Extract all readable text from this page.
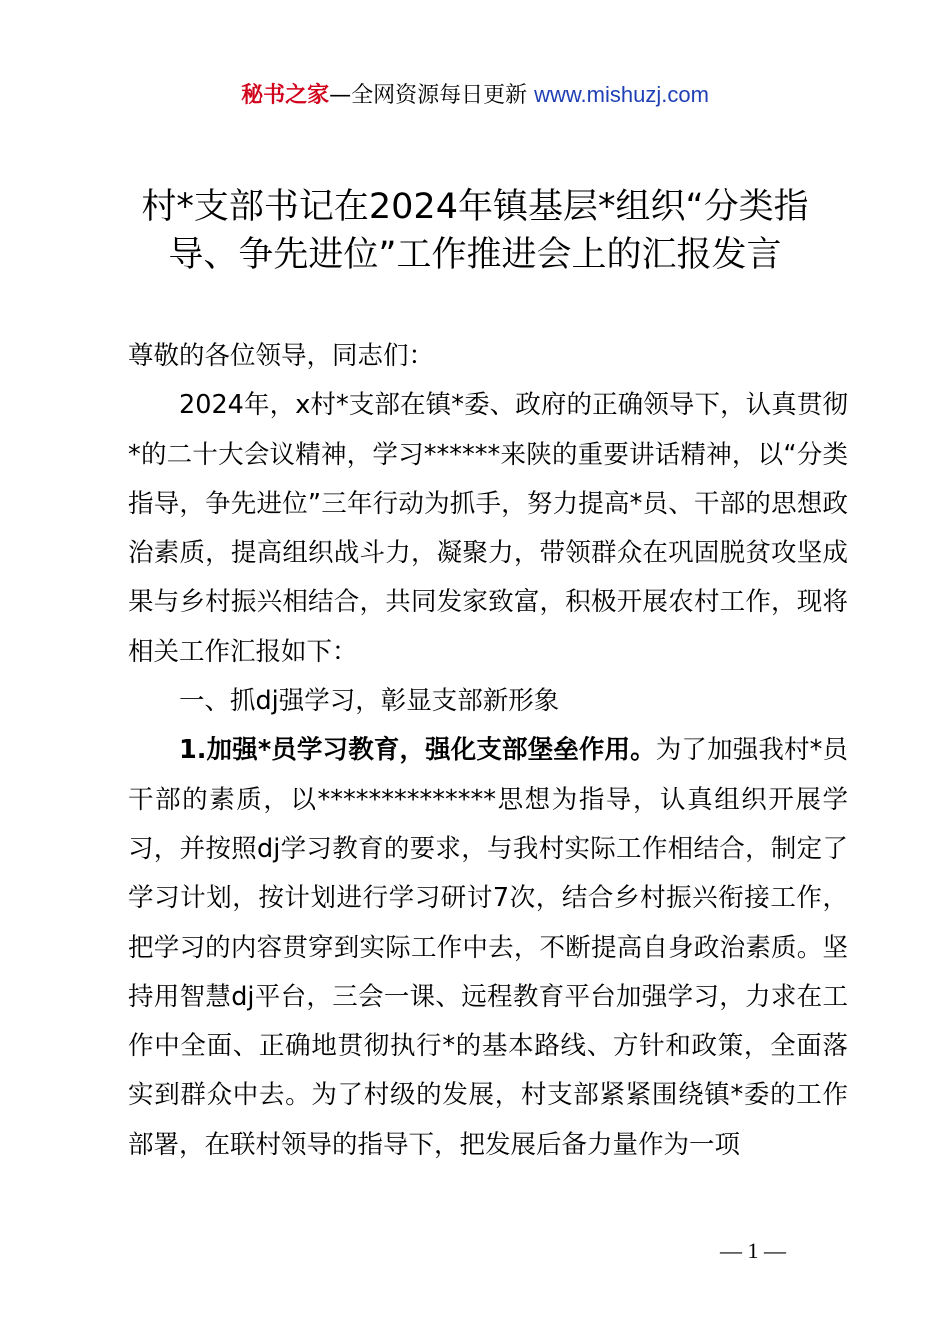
秘书之家—全网资源每日更新 www.mishuzj.com
村*支部书记在2024年镇基层*组织“分类指
导、争先进位”工作推进会上的汇报发言

尊敬的各位领导，同志们：

2024年，x村*支部在镇*委、政府的正确领导下，认真贯彻*的二十大会议精神，学习******来陕的重要讲话精神，以“分类指导，争先进位”三年行动为抓手，努力提高*员、干部的思想政治素质，提高组织战斗力，凝聚力，带领群众在巩固脱贫攻坚成果与乡村振兴相结合，共同发家致富，积极开展农村工作，现将相关工作汇报如下：

一、抓dj强学习，彰显支部新形象

1.加强*员学习教育，强化支部堡垒作用。为了加强我村*员干部的素质，以**************思想为指导，认真组织开展学习，并按照dj学习教育的要求，与我村实际工作相结合，制定了学习计划，按计划进行学习研讨7次，结合乡村振兴衔接工作，把学习的内容贯穿到实际工作中去，不断提高自身政治素质。坚持用智慧dj平台，三会一课、远程教育平台加强学习，力求在工作中全面、正确地贯彻执行*的基本路线、方针和政策，全面落实到群众中去。为了村级的发展，村支部紧紧围绕镇*委的工作部署，在联村领导的指导下，把发展后备力量作为一项

— 1 —
